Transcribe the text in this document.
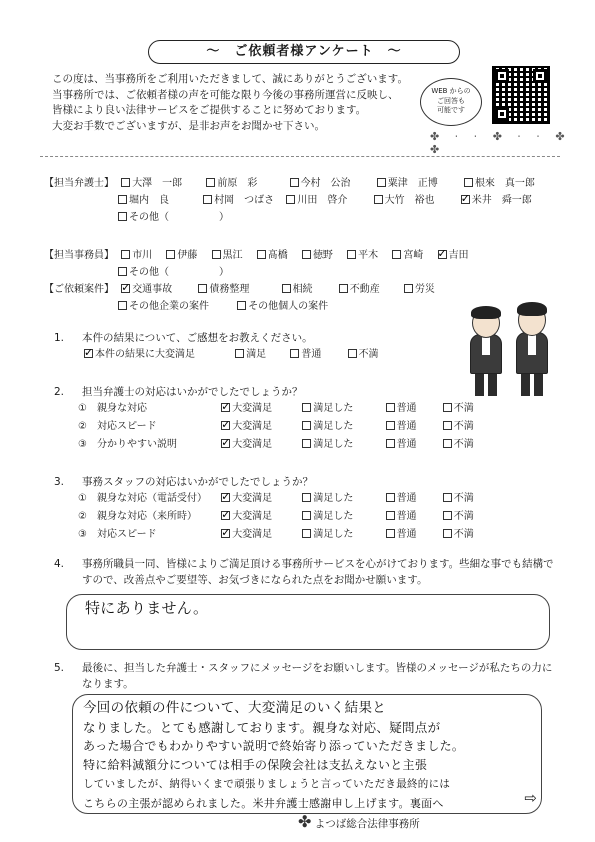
～　ご依頼者様アンケート　～
この度は、当事務所をご利用いただきまして、誠にありがとうございます。
当事務所では、ご依頼者様の声を可能な限り今後の事務所運営に反映し、
皆様により良い法律サービスをご提供することに努めております。
大変お手数でございますが、是非お声をお聞かせ下さい。
WEB からの
ご回答も
可能です
✤ ⋅ ⋅ ✤ ⋅ ⋅ ✤ ✤
【担当弁護士】 大澤　一郎	前原　彩	今村　公治	粟津　正博	根來　真一郎
堀内　良	村岡　つばさ 川田　啓介	大竹　裕也 ✓	米井　舜一郎
その他（　　　　　）
【担当事務員】 市川	伊藤	黒江	髙橋	徳野	平木	宮崎 ✓	吉田
その他（　　　　　）
【ご依頼案件】 ✓ 交通事故	債務整理	相続	不動産	労災
その他企業の案件	その他個人の案件
1. 本件の結果について、ご感想をお教えください。
✓本件の結果に大変満足	満足	普通	不満
2. 担当弁護士の対応はいかがでしたでしょうか？
①　親身な対応 ✓	大変満足	満足した	普通	不満
②　対応スピード ✓	大変満足	満足した	普通	不満
③　分かりやすい説明 ✓	大変満足	満足した	普通	不満
3. 事務スタッフの対応はいかがでしたでしょうか？
①　親身な対応（電話受付） ✓	大変満足	満足した	普通	不満
②　親身な対応（来所時） ✓	大変満足	満足した	普通	不満
③　対応スピード ✓	大変満足	満足した	普通	不満
4. 事務所職員一同、皆様によりご満足頂ける事務所サービスを心がけております。些細な事でも結構で
すので、改善点やご要望等、お気づきになられた点をお聞かせ願います。
特にありません。
5. 最後に、担当した弁護士・スタッフにメッセージをお願いします。皆様のメッセージが私たちの力に
なります。
今回の依頼の件について、大変満足のいく結果と
なりました。とても感謝しております。親身な対応、疑問点が
あった場合でもわかりやすい説明で終始寄り添っていただきました。
特に給料減額分については相手の保険会社は支払えないと主張
していましたが、納得いくまで頑張りましょうと言っていただき最終的には
こちらの主張が認められました。米井弁護士感謝申し上げます。裏面へ	⇨
✤ よつば総合法律事務所
